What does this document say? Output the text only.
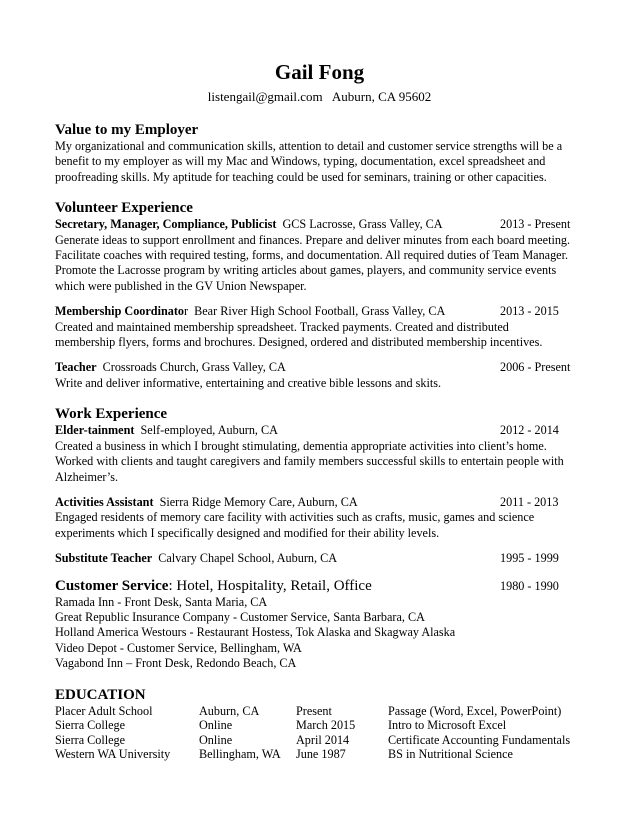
Gail Fong
listengail@gmail.com Auburn, CA 95602
Value to my Employer

My organizational and communication skills, attention to detail and customer service strengths will be a

benefit to my employer as will my Mac and Windows, typing, documentation, excel spreadsheet and

proofreading skills. My aptitude for teaching could be used for seminars, training or other capacities.

Volunteer Experience
Secretary, Manager, Compliance, Publicist GCS Lacrosse, Grass Valley, CA	2013 - Present

Generate ideas to support enrollment and finances. Prepare and deliver minutes from each board meeting.

Facilitate coaches with required testing, forms, and documentation. All required duties of Team Manager.

Promote the Lacrosse program by writing articles about games, players, and community service events

which were published in the GV Union Newspaper.

Membership Coordinator Bear River High School Football, Grass Valley, CA	2013 - 2015

Created and maintained membership spreadsheet. Tracked payments. Created and distributed

membership flyers, forms and brochures. Designed, ordered and distributed membership incentives.

Teacher Crossroads Church, Grass Valley, CA	2006 - Present

Write and deliver informative, entertaining and creative bible lessons and skits.

Work Experience
Elder-tainment Self-employed, Auburn, CA	2012 - 2014

Created a business in which I brought stimulating, dementia appropriate activities into client’s home.

Worked with clients and taught caregivers and family members successful skills to entertain people with

Alzheimer’s.

Activities Assistant Sierra Ridge Memory Care, Auburn, CA	2011 - 2013

Engaged residents of memory care facility with activities such as crafts, music, games and science

experiments which I specifically designed and modified for their ability levels.

Substitute Teacher Calvary Chapel School, Auburn, CA	1995 - 1999
Customer Service: Hotel, Hospitality, Retail, Office	1980 - 1990

Ramada Inn - Front Desk, Santa Maria, CA

Great Republic Insurance Company - Customer Service, Santa Barbara, CA

Holland America Westours - Restaurant Hostess, Tok Alaska and Skagway Alaska

Video Depot - Customer Service, Bellingham, WA

Vagabond Inn – Front Desk, Redondo Beach, CA

EDUCATION
Placer Adult School	Auburn, CA	Present	Passage (Word, Excel, PowerPoint)
Sierra College	Online	March 2015	Intro to Microsoft Excel
Sierra College	Online	April 2014	Certificate Accounting Fundamentals
Western WA University	Bellingham, WA	June 1987	BS in Nutritional Science
